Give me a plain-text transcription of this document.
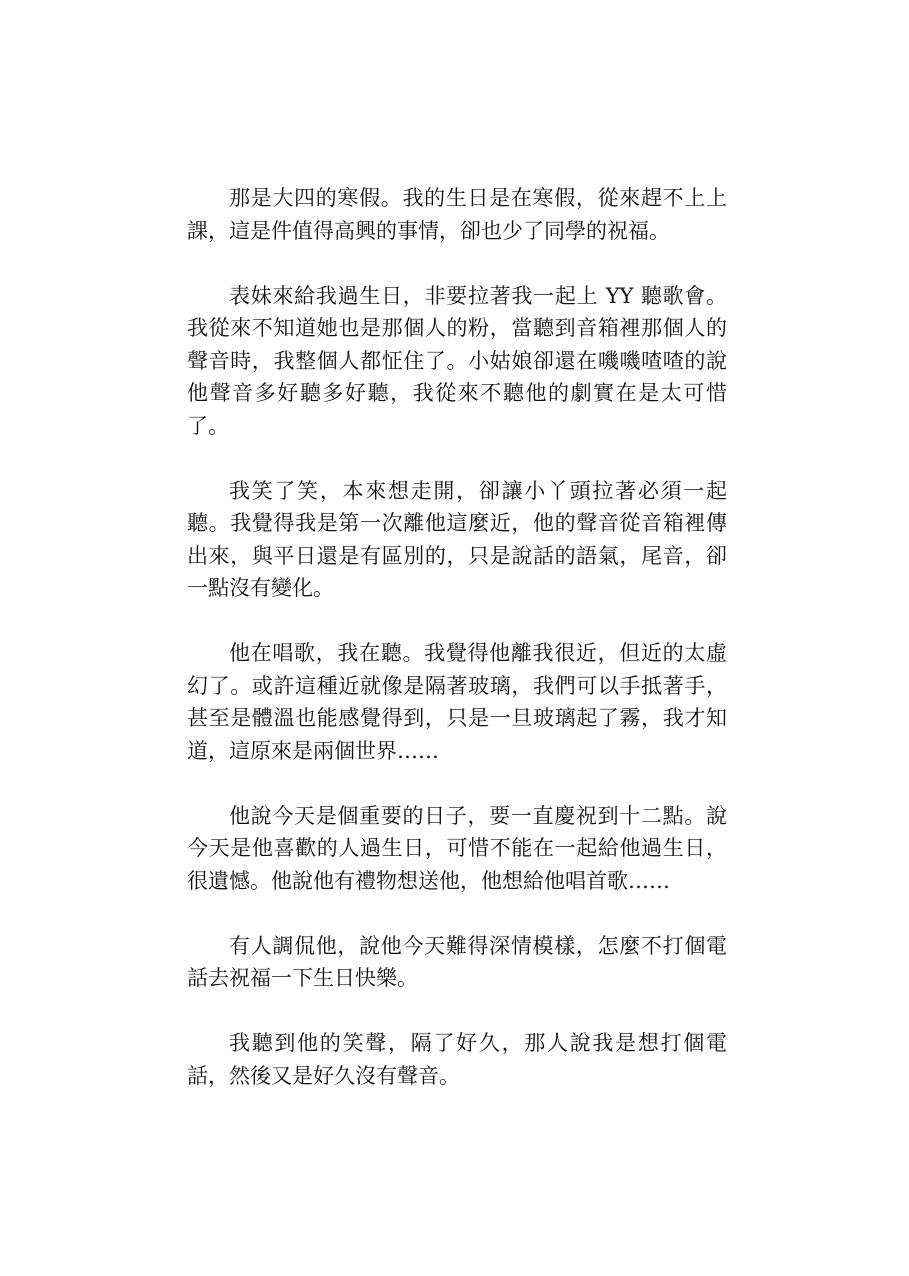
那是大四的寒假。我的生日是在寒假，從來趕不上上課，這是件值得高興的事情，卻也少了同學的祝福。

表妹來給我過生日，非要拉著我一起上 YY 聽歌會。我從來不知道她也是那個人的粉，當聽到音箱裡那個人的聲音時，我整個人都怔住了。小姑娘卻還在嘰嘰喳喳的說他聲音多好聽多好聽，我從來不聽他的劇實在是太可惜了。

我笑了笑，本來想走開，卻讓小丫頭拉著必須一起聽。我覺得我是第一次離他這麼近，他的聲音從音箱裡傳出來，與平日還是有區別的，只是說話的語氣，尾音，卻一點沒有變化。

他在唱歌，我在聽。我覺得他離我很近，但近的太虛幻了。或許這種近就像是隔著玻璃，我們可以手抵著手，甚至是體溫也能感覺得到，只是一旦玻璃起了霧，我才知道，這原來是兩個世界……

他說今天是個重要的日子，要一直慶祝到十二點。說今天是他喜歡的人過生日，可惜不能在一起給他過生日，很遺憾。他說他有禮物想送他，他想給他唱首歌……

有人調侃他，說他今天難得深情模樣，怎麼不打個電話去祝福一下生日快樂。

我聽到他的笑聲，隔了好久，那人說我是想打個電話，然後又是好久沒有聲音。
